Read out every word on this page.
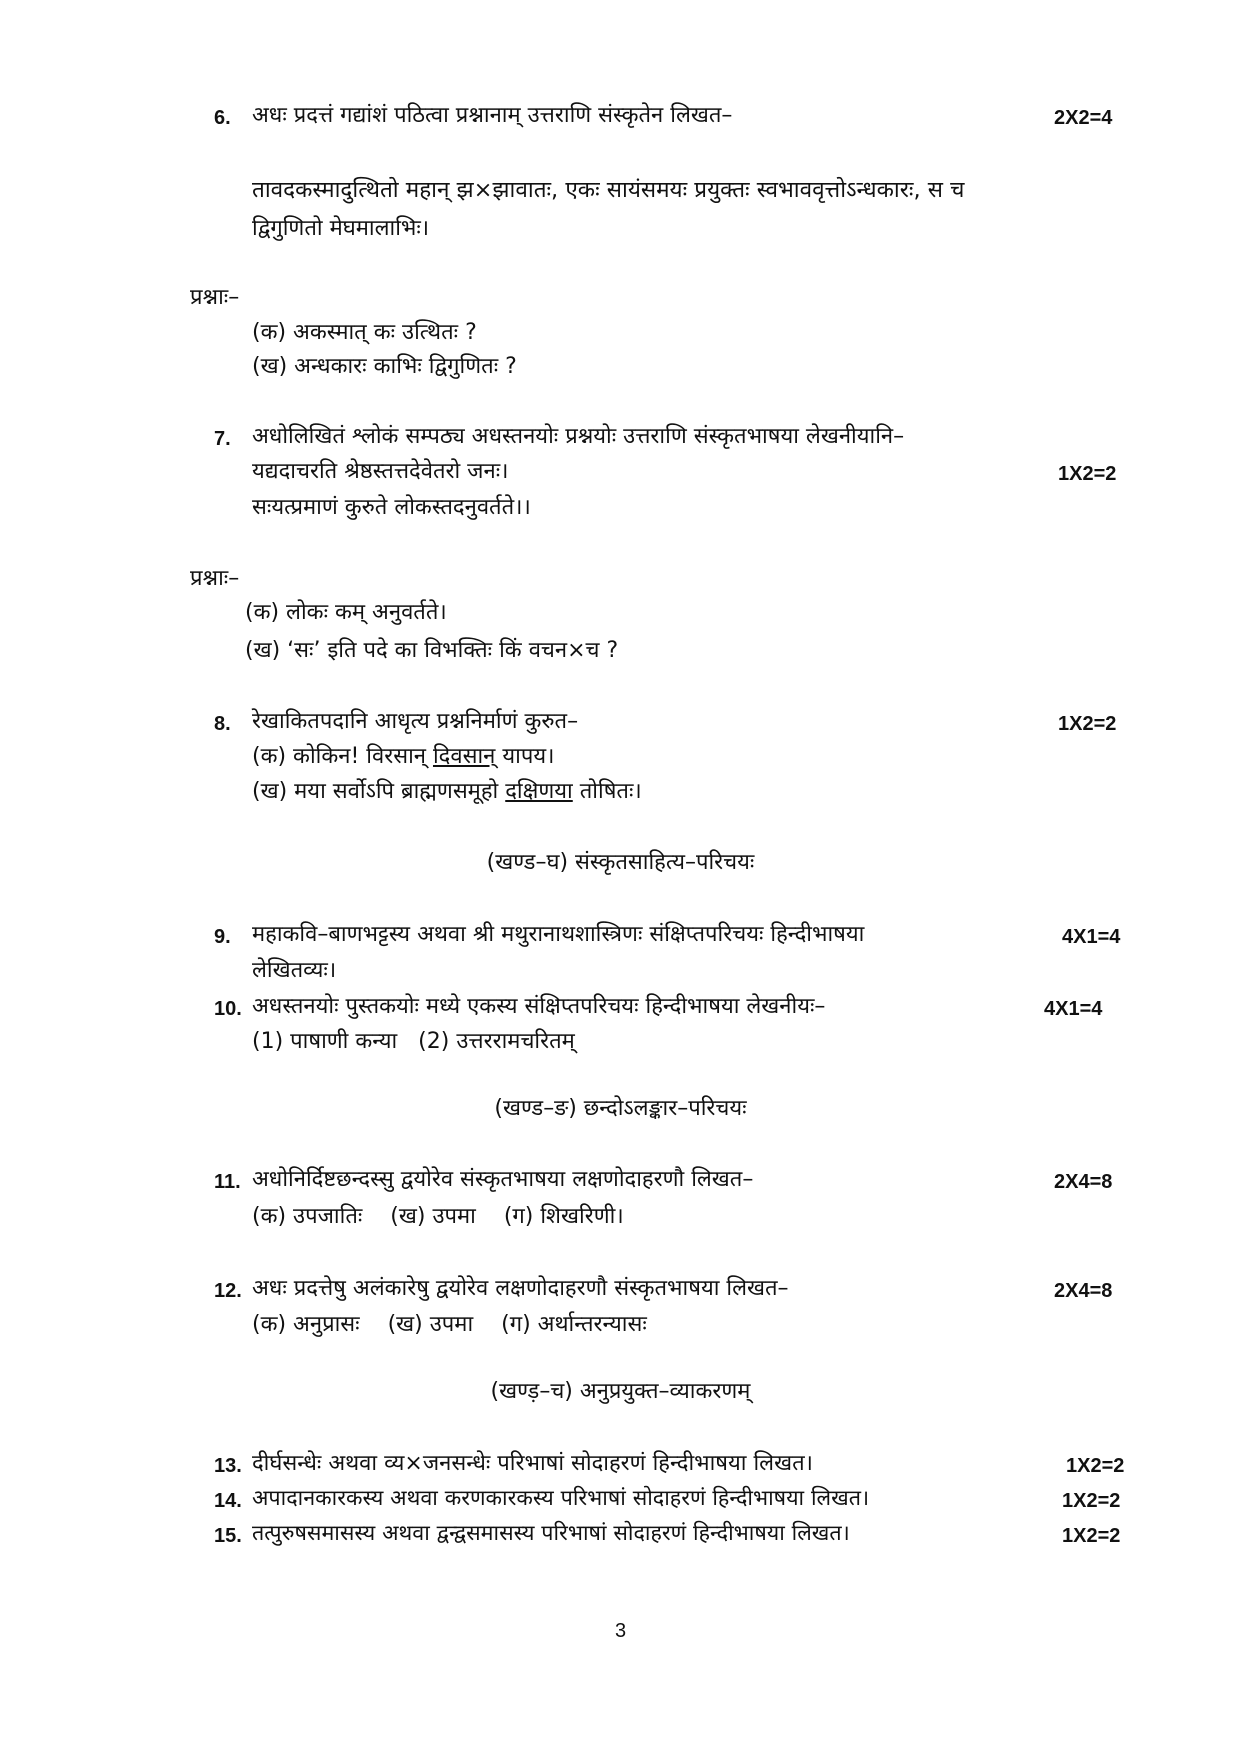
6. अधः प्रदत्तं गद्यांशं पठित्वा प्रश्नानाम् उत्तराणि संस्कृतेन लिखत–	2X2=4
तावदकस्मादुत्थितो महान् झ×झावातः, एकः सायंसमयः प्रयुक्तः स्वभाववृत्तोऽन्धकारः, स च
द्विगुणितो मेघमालाभिः।
प्रश्नाः–
(क) अकस्मात् कः उत्थितः ?
(ख) अन्धकारः काभिः द्विगुणितः ?
7. अधोलिखितं श्लोकं सम्पठ्य अधस्तनयोः प्रश्नयोः उत्तराणि संस्कृतभाषया लेखनीयानि–
यद्यदाचरति श्रेष्ठस्तत्तदेवेतरो जनः।	1X2=2
सःयत्प्रमाणं कुरुते लोकस्तदनुवर्तते।।
प्रश्नाः–
(क) लोकः कम् अनुवर्तते।
(ख) ‘सः’ इति पदे का विभक्तिः किं वचन×च ?
8. रेखाकितपदानि आधृत्य प्रश्ननिर्माणं कुरुत–	1X2=2
(क) कोकिन! विरसान् दिवसान् यापय।
(ख) मया सर्वोऽपि ब्राह्मणसमूहो दक्षिणया तोषितः।
(खण्ड–घ) संस्कृतसाहित्य–परिचयः
9. महाकवि–बाणभट्टस्य अथवा श्री मथुरानाथशास्त्रिणः संक्षिप्तपरिचयः हिन्दीभाषया	4X1=4
लेखितव्यः।
10. अधस्तनयोः पुस्तकयोः मध्ये एकस्य संक्षिप्तपरिचयः हिन्दीभाषया लेखनीयः–	4X1=4
(1) पाषाणी कन्या   (2) उत्तररामचरितम्
(खण्ड–ङ) छन्दोऽलङ्कार–परिचयः
11. अधोनिर्दिष्टछन्दस्सु द्वयोरेव संस्कृतभाषया लक्षणोदाहरणौ लिखत–	2X4=8
(क) उपजातिः    (ख) उपमा    (ग) शिखरिणी।
12. अधः प्रदत्तेषु अलंकारेषु द्वयोरेव लक्षणोदाहरणौ संस्कृतभाषया लिखत–	2X4=8
(क) अनुप्रासः    (ख) उपमा    (ग) अर्थान्तरन्यासः
(खण्ड़–च) अनुप्रयुक्त–व्याकरणम्
13. दीर्घसन्धेः अथवा व्य×जनसन्धेः परिभाषां सोदाहरणं हिन्दीभाषया लिखत।	1X2=2
14. अपादानकारकस्य अथवा करणकारकस्य परिभाषां सोदाहरणं हिन्दीभाषया लिखत।	1X2=2
15. तत्पुरुषसमासस्य अथवा द्वन्द्वसमासस्य परिभाषां सोदाहरणं हिन्दीभाषया लिखत।	1X2=2
3
